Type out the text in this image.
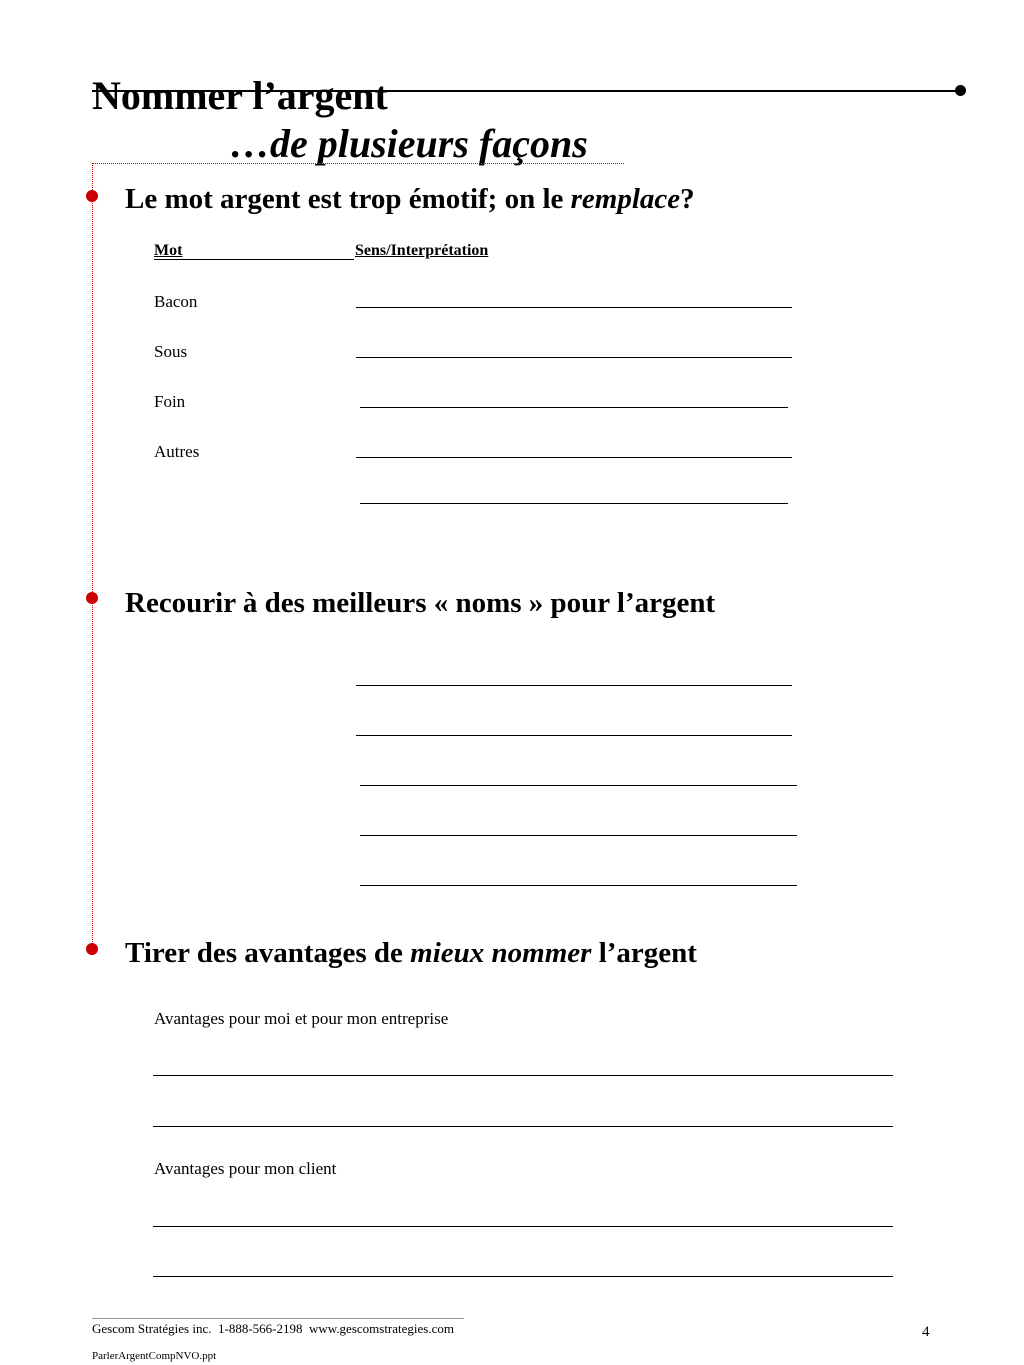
Nommer l’argent
…de plusieurs façons
Le mot argent est trop émotif; on le remplace?
Mot	Sens/Interprétation
Bacon
Sous
Foin
Autres
Recourir à des meilleurs « noms » pour l’argent
Tirer des avantages de mieux nommer l’argent
Avantages pour moi et pour mon entreprise
Avantages pour mon client
Gescom Stratégies inc.  1-888-566-2198  www.gescomstrategies.com
ParlerArgentCompNVO.ppt
4
